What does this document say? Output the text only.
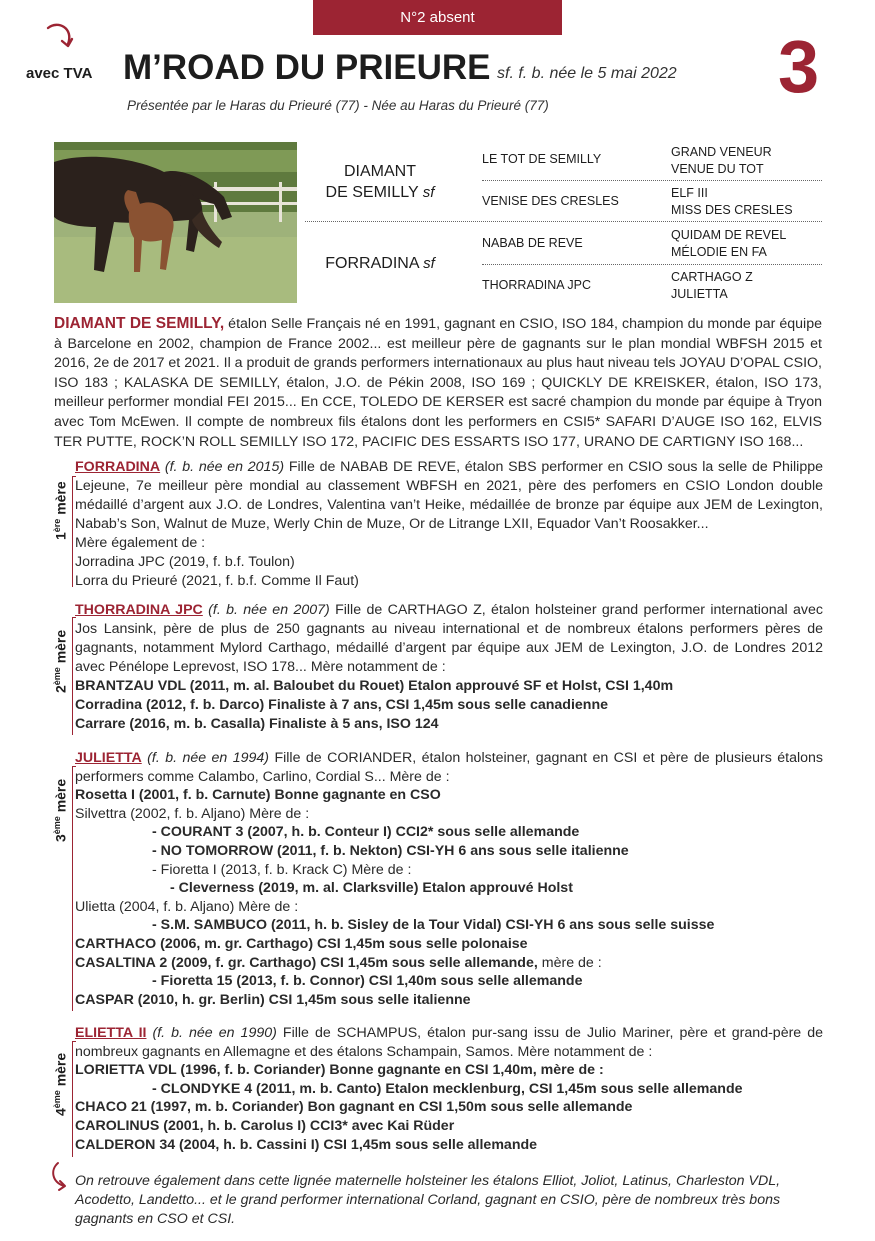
N°2 absent
avec TVA M’ROAD DU PRIEURE sf. f. b. née le 5 mai 2022 3
Présentée par le Haras du Prieuré (77) - Née au Haras du Prieuré (77)
DIAMANT
DE SEMILLY sf
FORRADINA sf
LE TOT DE SEMILLY
VENISE DES CRESLES
NABAB DE REVE
THORRADINA JPC
GRAND VENEUR
VENUE DU TOT
ELF III
MISS DES CRESLES
QUIDAM DE REVEL
MÉLODIE EN FA
CARTHAGO Z
JULIETTA
DIAMANT DE SEMILLY, étalon Selle Français né en 1991, gagnant en CSIO, ISO 184, champion du monde par équipe à Barcelone en 2002, champion de France 2002... est meilleur père de gagnants sur le plan mondial WBFSH 2015 et 2016, 2e de 2017 et 2021. Il a produit de grands performers internationaux au plus haut niveau tels JOYAU D’OPAL CSIO, ISO 183 ; KALASKA DE SEMILLY, étalon, J.O. de Pékin 2008, ISO 169 ; QUICKLY DE KREISKER, étalon, ISO 173, meilleur performer mondial FEI 2015... En CCE, TOLEDO DE KERSER est sacré champion du monde par équipe à Tryon avec Tom McEwen. Il compte de nombreux fils étalons dont les performers en CSI5* SAFARI D’AUGE ISO 162, ELVIS TER PUTTE, ROCK’N ROLL SEMILLY ISO 172, PACIFIC DES ESSARTS ISO 177, URANO DE CARTIGNY ISO 168...
1ère mère

FORRADINA (f. b. née en 2015) Fille de NABAB DE REVE, étalon SBS performer en CSIO sous la selle de Philippe Lejeune, 7e meilleur père mondial au classement WBFSH en 2021, père des perfomers en CSIO London double médaillé d’argent aux J.O. de Londres, Valentina van’t Heike, médaillée de bronze par équipe aux JEM de Lexington, Nabab’s Son, Walnut de Muze, Werly Chin de Muze, Or de Litrange LXII, Equador Van’t Roosakker...

Mère également de :
Jorradina JPC (2019, f. b.f. Toulon)
Lorra du Prieuré (2021, f. b.f. Comme Il Faut)
2ème mère

THORRADINA JPC (f. b. née en 2007) Fille de CARTHAGO Z, étalon holsteiner grand performer international avec Jos Lansink, père de plus de 250 gagnants au niveau international et de nombreux étalons performers pères de gagnants, notamment Mylord Carthago, médaillé d’argent par équipe aux JEM de Lexington, J.O. de Londres 2012 avec Pénélope Leprevost, ISO 178... Mère notamment de :

BRANTZAU VDL (2011, m. al. Baloubet du Rouet) Etalon approuvé SF et Holst, CSI 1,40m
Corradina (2012, f. b. Darco) Finaliste à 7 ans, CSI 1,45m sous selle canadienne
Carrare (2016, m. b. Casalla) Finaliste à 5 ans, ISO 124
3ème mère

JULIETTA (f. b. née en 1994) Fille de CORIANDER, étalon holsteiner, gagnant en CSI et père de plusieurs étalons performers comme Calambo, Carlino, Cordial S... Mère de :

Rosetta I (2001, f. b. Carnute) Bonne gagnante en CSO
Silvettra (2002, f. b. Aljano) Mère de :
- COURANT 3 (2007, h. b. Conteur I) CCI2* sous selle allemande
- NO TOMORROW (2011, f. b. Nekton) CSI-YH 6 ans sous selle italienne
- Fioretta I (2013, f. b. Krack C) Mère de :
- Cleverness (2019, m. al. Clarksville) Etalon approuvé Holst
Ulietta (2004, f. b. Aljano) Mère de :
- S.M. SAMBUCO (2011, h. b. Sisley de la Tour Vidal) CSI-YH 6 ans sous selle suisse
CARTHACO (2006, m. gr. Carthago) CSI 1,45m sous selle polonaise
CASALTINA 2 (2009, f. gr. Carthago) CSI 1,45m sous selle allemande, mère de :
- Fioretta 15 (2013, f. b. Connor) CSI 1,40m sous selle allemande
CASPAR (2010, h. gr. Berlin) CSI 1,45m sous selle italienne
4ème mère

ELIETTA II (f. b. née en 1990) Fille de SCHAMPUS, étalon pur-sang issu de Julio Mariner, père et grand-père de nombreux gagnants en Allemagne et des étalons Schampain, Samos. Mère notamment de :

LORIETTA VDL (1996, f. b. Coriander) Bonne gagnante en CSI 1,40m, mère de :
- CLONDYKE 4 (2011, m. b. Canto) Etalon mecklenburg, CSI 1,45m sous selle allemande
CHACO 21 (1997, m. b. Coriander) Bon gagnant en CSI 1,50m sous selle allemande
CAROLINUS (2001, h. b. Carolus I) CCI3* avec Kai Rüder
CALDERON 34 (2004, h. b. Cassini I) CSI 1,45m sous selle allemande
On retrouve également dans cette lignée maternelle holsteiner les étalons Elliot, Joliot, Latinus, Charleston VDL, Acodetto, Landetto... et le grand performer international Corland, gagnant en CSIO, père de nombreux très bons gagnants en CSO et CSI.
